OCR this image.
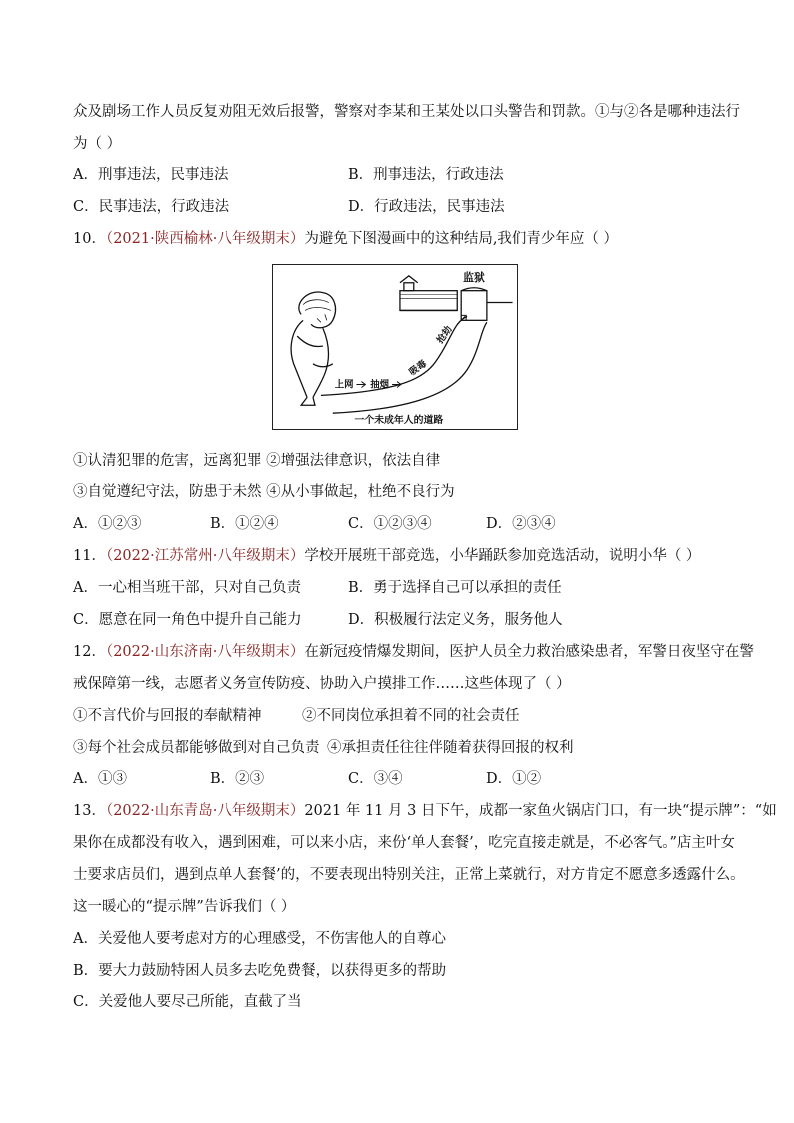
众及剧场工作人员反复劝阻无效后报警，警察对李某和王某处以口头警告和罚款。①与②各是哪种违法行
为（ ）
A．刑事违法，民事违法	B．刑事违法，行政违法
C．民事违法，行政违法	D．行政违法，民事违法
10．（2021·陕西榆林·八年级期末）为避免下图漫画中的这种结局,我们青少年应（ ）
监狱
上网 抽烟
吸毒
抢劫
一个未成年人的道路
①认清犯罪的危害，远离犯罪 ②增强法律意识，依法自律
③自觉遵纪守法，防患于未然 ④从小事做起，杜绝不良行为
A．①②③	B．①②④	C．①②③④	D．②③④
11．（2022·江苏常州·八年级期末）学校开展班干部竞选，小华踊跃参加竞选活动，说明小华（ ）
A．一心相当班干部，只对自己负责	B．勇于选择自己可以承担的责任
C．愿意在同一角色中提升自己能力	D．积极履行法定义务，服务他人
12．（2022·山东济南·八年级期末）在新冠疫情爆发期间，医护人员全力救治感染患者，军警日夜坚守在警
戒保障第一线，志愿者义务宣传防疫、协助入户摸排工作……这些体现了（ ）
①不言代价与回报的奉献精神	②不同岗位承担着不同的社会责任
③每个社会成员都能够做到对自己负责 ④承担责任往往伴随着获得回报的权利
A．①③	B．②③	C．③④	D．①②
13．（2022·山东青岛·八年级期末）2021 年 11 月 3 日下午，成都一家鱼火锅店门口，有一块“提示牌”：“如
果你在成都没有收入，遇到困难，可以来小店，来份‘单人套餐’，吃完直接走就是，不必客气。”店主叶女
士要求店员们，遇到点单人套餐’的，不要表现出特别关注，正常上菜就行，对方肯定不愿意多透露什么。
这一暖心的“提示牌”告诉我们（ ）
A．关爱他人要考虑对方的心理感受，不伤害他人的自尊心
B．要大力鼓励特困人员多去吃免费餐，以获得更多的帮助
C．关爱他人要尽己所能，直截了当
